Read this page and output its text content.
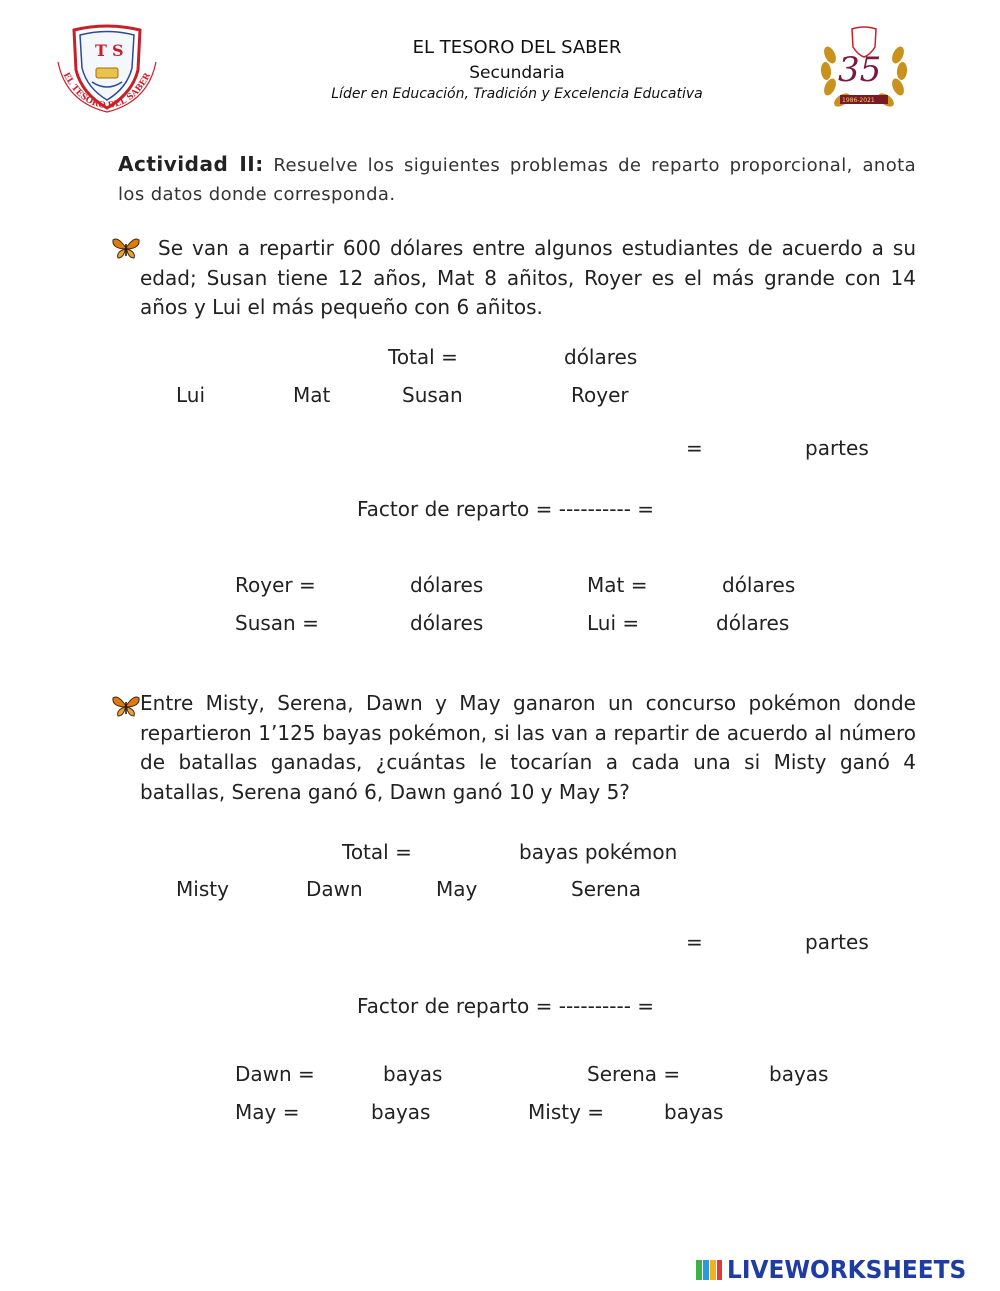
T S
EL TESORO DEL SABER
1986-2021
35
EL TESORO DEL SABER
Secundaria
Líder en Educación, Tradición y Excelencia Educativa
Actividad II: Resuelve los siguientes problemas de reparto proporcional, anota los datos donde corresponda.
Se van a repartir 600 dólares entre algunos estudiantes de acuerdo a su edad; Susan tiene 12 años, Mat 8 añitos, Royer es el más grande con 14 años y Lui el más pequeño con 6 añitos.
Total =	dólares
Lui	Mat	Susan	Royer
=	partes
Factor de reparto = ---------- =
Royer =	dólares	Mat =	dólares
Susan =	dólares	Lui =	dólares
Entre Misty, Serena, Dawn y May ganaron un concurso pokémon donde repartieron 1’125 bayas pokémon, si las van a repartir de acuerdo al número de batallas ganadas, ¿cuántas le tocarían a cada una si Misty ganó 4 batallas, Serena ganó 6, Dawn ganó 10 y May 5?
Total =	bayas pokémon
Misty	Dawn	May	Serena
=	partes
Factor de reparto = ---------- =
Dawn =	bayas	Serena =	bayas
May =	bayas	Misty =	bayas
LIVEWORKSHEETS
